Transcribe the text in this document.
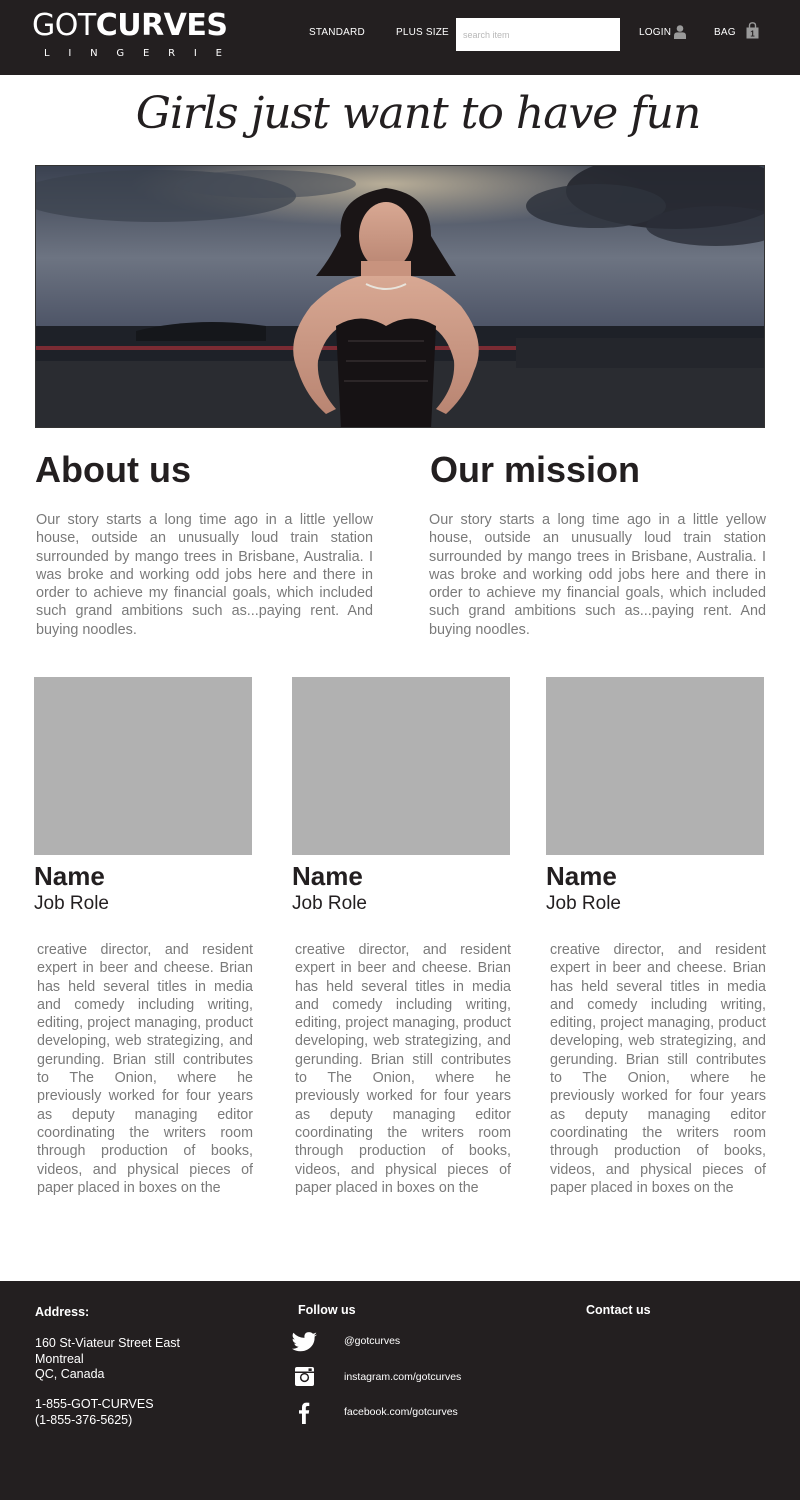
GOTCURVES
L I N G E R I E
STANDARD	PLUS SIZE
search item	LOGIN	BAG 1
Girls just want to have fun
About us

Our story starts a long time ago in a little yellow house, outside an unusually loud train station surrounded by mango trees in Brisbane, Australia. I was broke and working odd jobs here and there in order to achieve my financial goals, which included such grand ambitions such as...paying rent. And buying noodles.

Our mission

Our story starts a long time ago in a little yellow house, outside an unusually loud train station surrounded by mango trees in Brisbane, Australia. I was broke and working odd jobs here and there in order to achieve my financial goals, which included such grand ambitions such as...paying rent. And buying noodles.

Name
Job Role

creative director, and resident expert in beer and cheese. Brian has held several titles in media and comedy including writing, editing, project managing, product developing, web strategizing, and gerunding. Brian still contributes to The Onion, where he previously worked for four years as deputy managing editor coordinating the writers room through production of books, videos, and physical pieces of paper placed in boxes on the

Name
Job Role

creative director, and resident expert in beer and cheese. Brian has held several titles in media and comedy including writing, editing, project managing, product developing, web strategizing, and gerunding. Brian still contributes to The Onion, where he previously worked for four years as deputy managing editor coordinating the writers room through production of books, videos, and physical pieces of paper placed in boxes on the

Name
Job Role

creative director, and resident expert in beer and cheese. Brian has held several titles in media and comedy including writing, editing, project managing, product developing, web strategizing, and gerunding. Brian still contributes to The Onion, where he previously worked for four years as deputy managing editor coordinating the writers room through production of books, videos, and physical pieces of paper placed in boxes on the

Address:
160 St-Viateur Street East
Montreal
QC, Canada
1-855-GOT-CURVES
(1-855-376-5625)
Follow us
@gotcurves
instagram.com/gotcurves
facebook.com/gotcurves
Contact us
